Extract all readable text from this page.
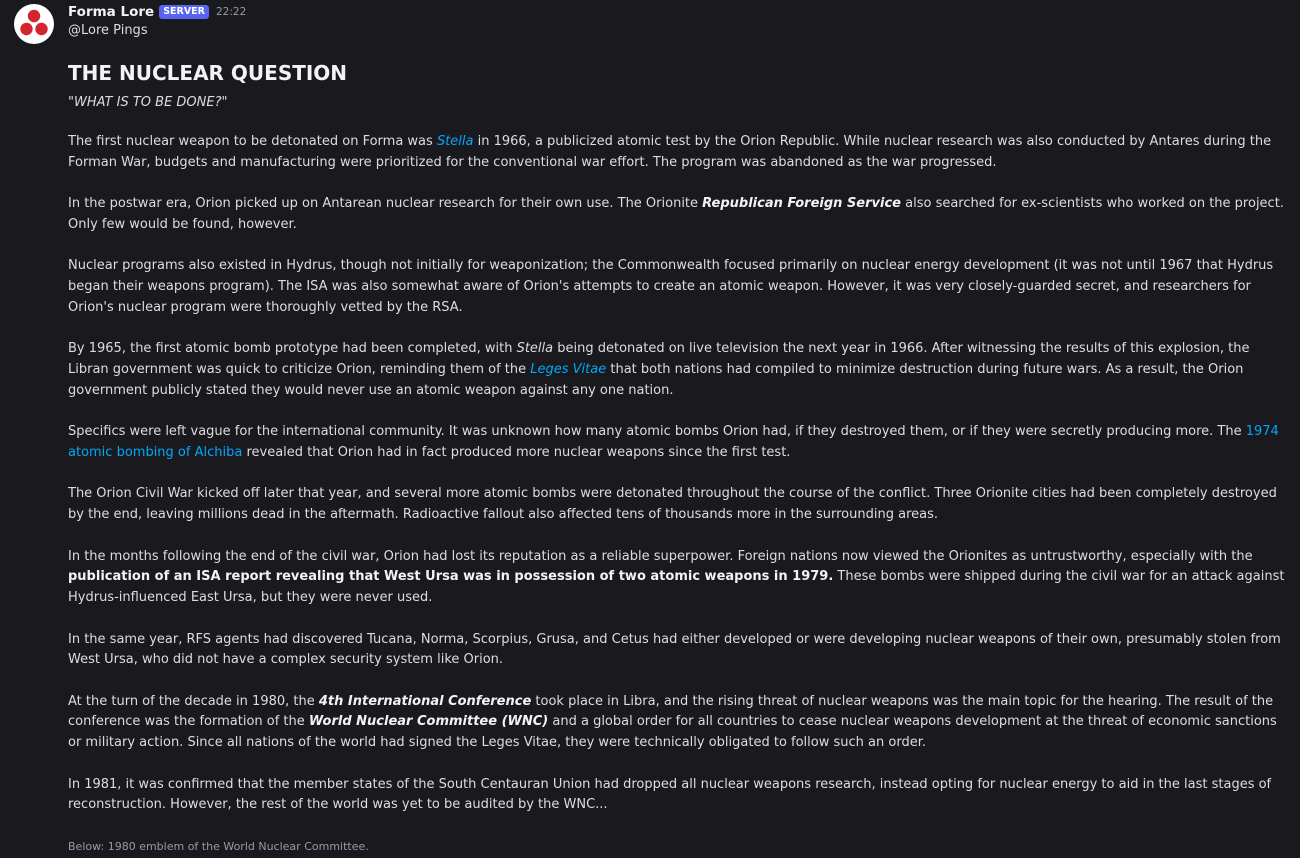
Forma Lore SERVER	22:22
@Lore Pings
THE NUCLEAR QUESTION

"WHAT IS TO BE DONE?"

The first nuclear weapon to be detonated on Forma was Stella in 1966, a publicized atomic test by the Orion Republic. While nuclear research was also conducted by Antares during the Forman War, budgets and manufacturing were prioritized for the conventional war effort. The program was abandoned as the war progressed.

In the postwar era, Orion picked up on Antarean nuclear research for their own use. The Orionite Republican Foreign Service also searched for ex-scientists who worked on the project. Only few would be found, however.

Nuclear programs also existed in Hydrus, though not initially for weaponization; the Commonwealth focused primarily on nuclear energy development (it was not until 1967 that Hydrus began their weapons program). The ISA was also somewhat aware of Orion's attempts to create an atomic weapon. However, it was very closely-guarded secret, and researchers for Orion's nuclear program were thoroughly vetted by the RSA.

By 1965, the first atomic bomb prototype had been completed, with Stella being detonated on live television the next year in 1966. After witnessing the results of this explosion, the Libran government was quick to criticize Orion, reminding them of the Leges Vitae that both nations had compiled to minimize destruction during future wars. As a result, the Orion government publicly stated they would never use an atomic weapon against any one nation.

Specifics were left vague for the international community. It was unknown how many atomic bombs Orion had, if they destroyed them, or if they were secretly producing more. The 1974 atomic bombing of Alchiba revealed that Orion had in fact produced more nuclear weapons since the first test.

The Orion Civil War kicked off later that year, and several more atomic bombs were detonated throughout the course of the conflict. Three Orionite cities had been completely destroyed by the end, leaving millions dead in the aftermath. Radioactive fallout also affected tens of thousands more in the surrounding areas.

In the months following the end of the civil war, Orion had lost its reputation as a reliable superpower. Foreign nations now viewed the Orionites as untrustworthy, especially with the publication of an ISA report revealing that West Ursa was in possession of two atomic weapons in 1979. These bombs were shipped during the civil war for an attack against Hydrus-influenced East Ursa, but they were never used.

In the same year, RFS agents had discovered Tucana, Norma, Scorpius, Grusa, and Cetus had either developed or were developing nuclear weapons of their own, presumably stolen from West Ursa, who did not have a complex security system like Orion.

At the turn of the decade in 1980, the 4th International Conference took place in Libra, and the rising threat of nuclear weapons was the main topic for the hearing. The result of the conference was the formation of the World Nuclear Committee (WNC) and a global order for all countries to cease nuclear weapons development at the threat of economic sanctions or military action. Since all nations of the world had signed the Leges Vitae, they were technically obligated to follow such an order.

In 1981, it was confirmed that the member states of the South Centauran Union had dropped all nuclear weapons research, instead opting for nuclear energy to aid in the last stages of reconstruction. However, the rest of the world was yet to be audited by the WNC...

Below: 1980 emblem of the World Nuclear Committee.
